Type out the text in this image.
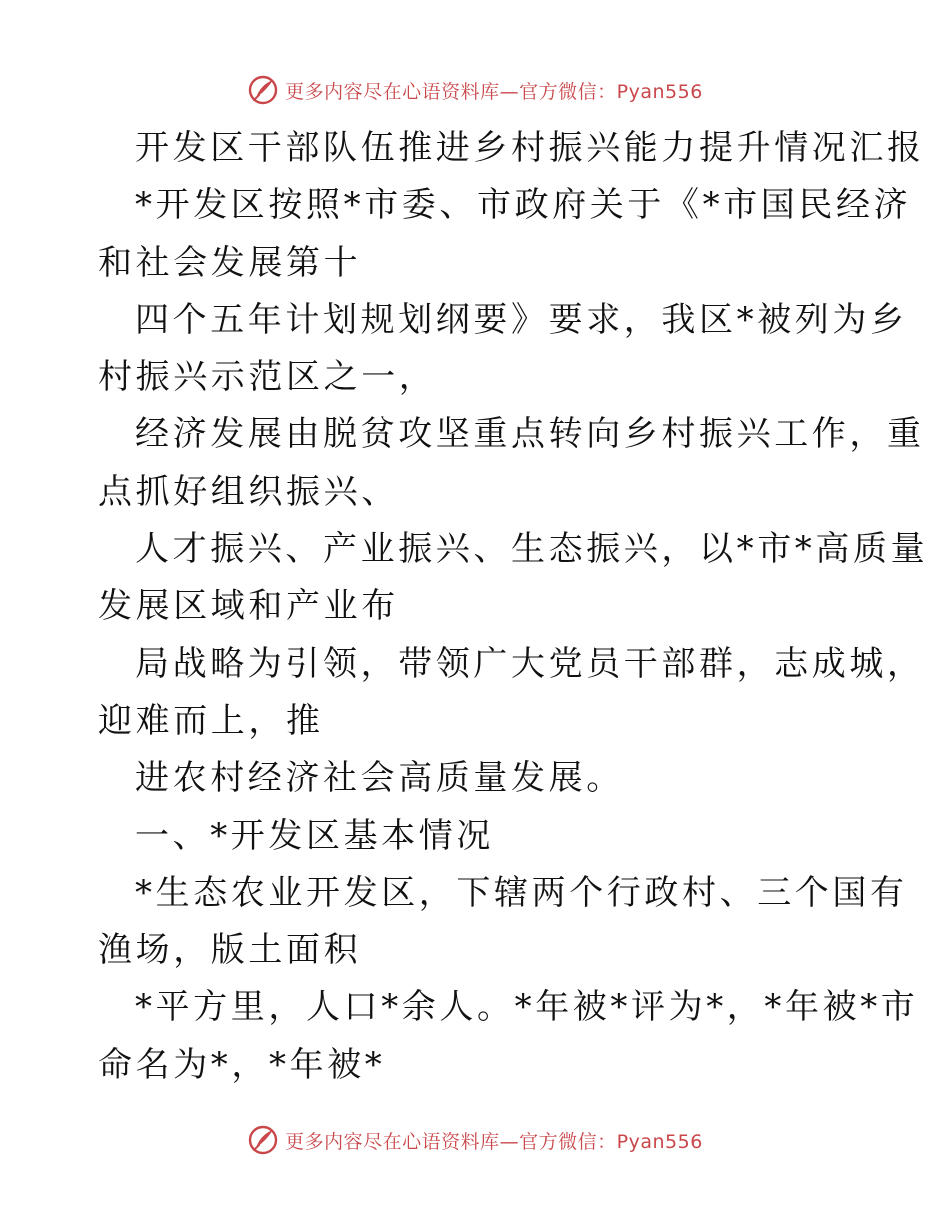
更多内容尽在心语资料库—官方微信：Pyan556
开发区干部队伍推进乡村振兴能力提升情况汇报
*开发区按照*市委、市政府关于《*市国民经济
和社会发展第十
四个五年计划规划纲要》要求，我区*被列为乡
村振兴示范区之一，
经济发展由脱贫攻坚重点转向乡村振兴工作，重
点抓好组织振兴、
人才振兴、产业振兴、生态振兴，以*市*高质量
发展区域和产业布
局战略为引领，带领广大党员干部群，志成城，
迎难而上，推
进农村经济社会高质量发展。
一、*开发区基本情况
*生态农业开发区，下辖两个行政村、三个国有
渔场，版土面积
*平方里，人口*余人。*年被*评为*，*年被*市
命名为*，*年被*
更多内容尽在心语资料库—官方微信：Pyan556
